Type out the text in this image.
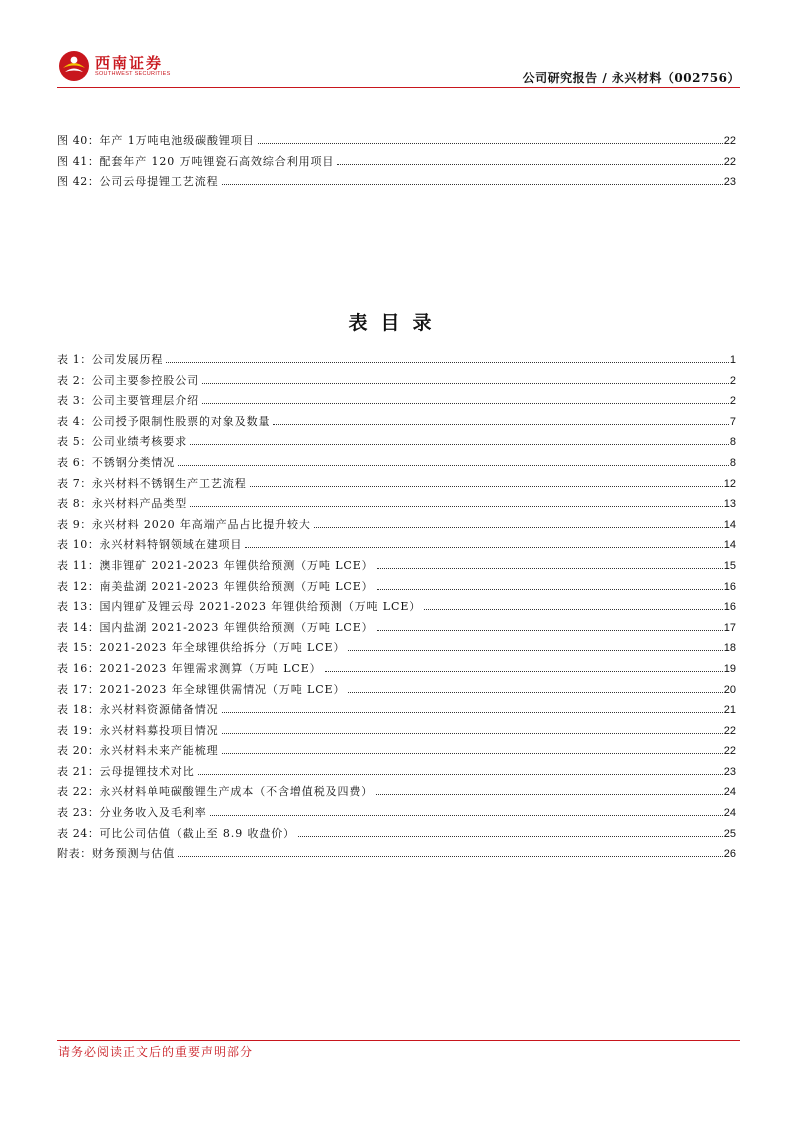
西南证券
SOUTHWEST SECURITIES	公司研究报告 / 永兴材料（002756）
图 40： 年产 1万吨电池级碳酸锂项目	22
图 41： 配套年产 120 万吨锂瓷石高效综合利用项目	22
图 42： 公司云母提锂工艺流程	23
表目录
表 1： 公司发展历程	1
表 2： 公司主要参控股公司	2
表 3： 公司主要管理层介绍	2
表 4： 公司授予限制性股票的对象及数量	7
表 5： 公司业绩考核要求	8
表 6： 不锈钢分类情况	8
表 7： 永兴材料不锈钢生产工艺流程	12
表 8： 永兴材料产品类型	13
表 9： 永兴材料 2020 年高端产品占比提升较大	14
表 10： 永兴材料特钢领域在建项目	14
表 11： 澳非锂矿 2021-2023 年锂供给预测（万吨 LCE）	15
表 12： 南美盐湖 2021-2023 年锂供给预测（万吨 LCE）	16
表 13： 国内锂矿及锂云母 2021-2023 年锂供给预测（万吨 LCE）	16
表 14： 国内盐湖 2021-2023 年锂供给预测（万吨 LCE）	17
表 15： 2021-2023 年全球锂供给拆分（万吨 LCE）	18
表 16： 2021-2023 年锂需求测算（万吨 LCE）	19
表 17： 2021-2023 年全球锂供需情况（万吨 LCE）	20
表 18： 永兴材料资源储备情况	21
表 19： 永兴材料募投项目情况	22
表 20： 永兴材料未来产能梳理	22
表 21： 云母提锂技术对比	23
表 22： 永兴材料单吨碳酸锂生产成本（不含增值税及四费）	24
表 23： 分业务收入及毛利率	24
表 24： 可比公司估值（截止至 8.9 收盘价）	25
附表： 财务预测与估值	26
请务必阅读正文后的重要声明部分
